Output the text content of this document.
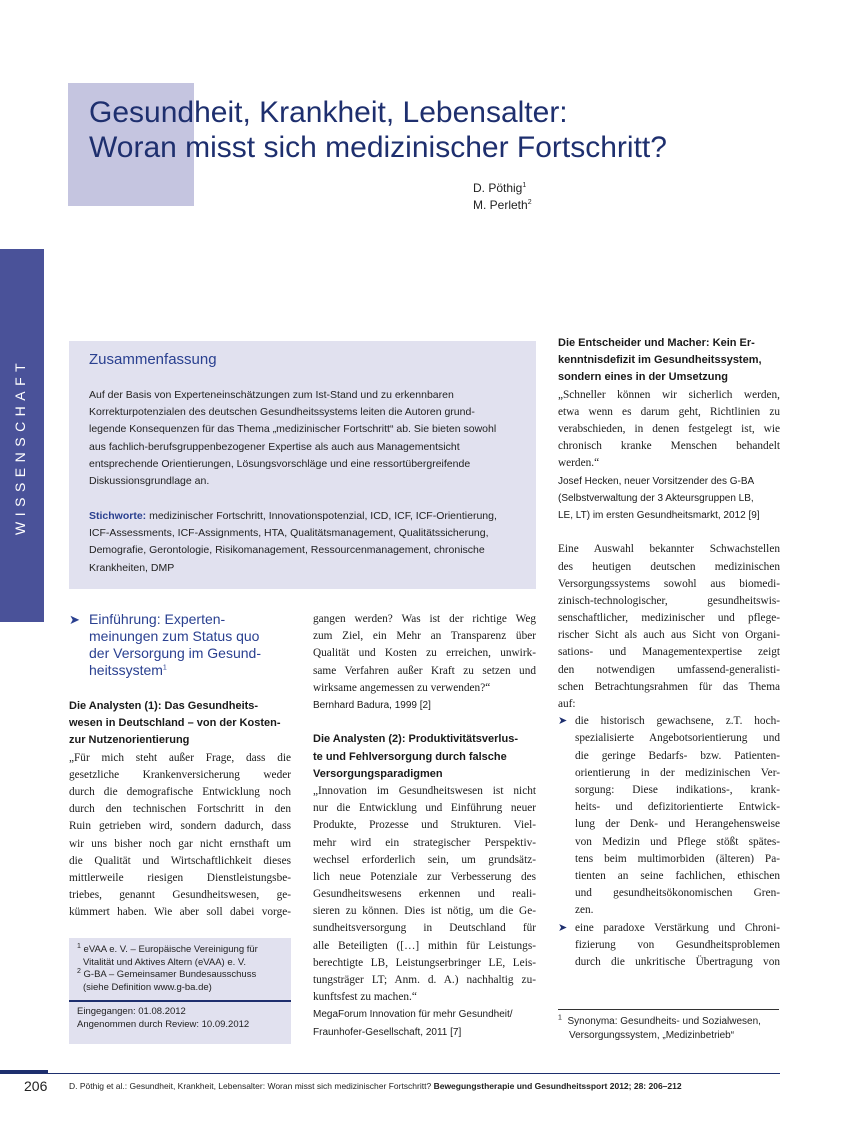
Gesundheit, Krankheit, Lebensalter:
Woran misst sich medizinischer Fortschritt?
D. Pöthig$^1$
M. Perleth$^2$
WISSENSCHAFT	Zusammenfassung
Auf der Basis von Experteneinschätzungen zum Ist-Stand und zu erkennbaren
Korrekturpotenzialen des deutschen Gesundheitssystems leiten die Autoren grund-
legende Konsequenzen für das Thema „medizinischer Fortschritt“ ab. Sie bieten sowohl
aus fachlich-berufsgruppenbezogener Expertise als auch aus Managementsicht
entsprechende Orientierungen, Lösungsvorschläge und eine ressortübergreifende
Diskussionsgrundlage an.
Stichworte: medizinischer Fortschritt, Innovationspotenzial, ICD, ICF, ICF-Orientierung,
ICF-Assessments, ICF-Assignments, HTA, Qualitätsmanagement, Qualitätssicherung,
Demografie, Gerontologie, Risikomanagement, Ressourcenmanagement, chronische
Krankheiten, DMP
➤ Einführung: Experten-
meinungen zum Status quo
der Versorgung im Gesund-
heitssystem$^1$
Die Analysten (1): Das Gesundheits-
wesen in Deutschland – von der Kosten-
zur Nutzenorientierung
„Für mich steht außer Frage, dass die
gesetzliche Krankenversicherung weder
durch die demografische Entwicklung noch
durch den technischen Fortschritt in den
Ruin getrieben wird, sondern dadurch, dass
wir uns bisher noch gar nicht ernsthaft um
die Qualität und Wirtschaftlichkeit dieses
mittlerweile riesigen Dienstleistungsbe-
triebes, genannt Gesundheitswesen, ge-
kümmert haben. Wie aber soll dabei vorge-
$^1$ eVAA e. V. – Europäische Vereinigung für
Vitalität und Aktives Altern (eVAA) e. V.
$^2$ G-BA – Gemeinsamer Bundesausschuss
(siehe Definition www.g-ba.de)
Eingegangen: 01.08.2012
Angenommen durch Review: 10.09.2012
gangen werden? Was ist der richtige Weg
zum Ziel, ein Mehr an Transparenz über
Qualität und Kosten zu erreichen, unwirk-
same Verfahren außer Kraft zu setzen und
wirksame angemessen zu verwenden?“
Bernhard Badura, 1999 [2]
Die Analysten (2): Produktivitätsverlus-
te und Fehlversorgung durch falsche
Versorgungsparadigmen
„Innovation im Gesundheitswesen ist nicht
nur die Entwicklung und Einführung neuer
Produkte, Prozesse und Strukturen. Viel-
mehr wird ein strategischer Perspektiv-
wechsel erforderlich sein, um grundsätz-
lich neue Potenziale zur Verbesserung des
Gesundheitswesens erkennen und reali-
sieren zu können. Dies ist nötig, um die Ge-
sundheitsversorgung in Deutschland für
alle Beteiligten ([…] mithin für Leistungs-
berechtigte LB, Leistungserbringer LE, Leis-
tungsträger LT; Anm. d. A.) nachhaltig zu-
kunftsfest zu machen.“
MegaForum Innovation für mehr Gesundheit/
Fraunhofer-Gesellschaft, 2011 [7]
Die Entscheider und Macher: Kein Er-
kenntnisdefizit im Gesundheitssystem,
sondern eines in der Umsetzung
„Schneller können wir sicherlich werden,
etwa wenn es darum geht, Richtlinien zu
verabschieden, in denen festgelegt ist, wie
chronisch kranke Menschen behandelt
werden.“
Josef Hecken, neuer Vorsitzender des G-BA
(Selbstverwaltung der 3 Akteursgruppen LB,
LE, LT) im ersten Gesundheitsmarkt, 2012 [9]
Eine Auswahl bekannter Schwachstellen
des heutigen deutschen medizinischen
Versorgungssystems sowohl aus biomedi-
zinisch-technologischer, gesundheitswis-
senschaftlicher, medizinischer und pflege-
rischer Sicht als auch aus Sicht von Organi-
sations- und Managementexpertise zeigt
den notwendigen umfassend-generalisti-
schen Betrachtungsrahmen für das Thema
auf:
➤ die historisch gewachsene, z.T. hoch-
spezialisierte Angebotsorientierung und
die geringe Bedarfs- bzw. Patienten-
orientierung in der medizinischen Ver-
sorgung: Diese indikations-, krank-
heits- und defizitorientierte Entwick-
lung der Denk- und Herangehensweise
von Medizin und Pflege stößt spätes-
tens beim multimorbiden (älteren) Pa-
tienten an seine fachlichen, ethischen
und gesundheitsökonomischen Gren-
zen.
➤ eine paradoxe Verstärkung und Chroni-
fizierung von Gesundheitsproblemen
durch die unkritische Übertragung von
$^1$ Synonyma: Gesundheits- und Sozialwesen,
Versorgungssystem, „Medizinbetrieb“
206	D. Pöthig et al.: Gesundheit, Krankheit, Lebensalter: Woran misst sich medizinischer Fortschritt? Bewegungstherapie und Gesundheitssport 2012; 28: 206–212
